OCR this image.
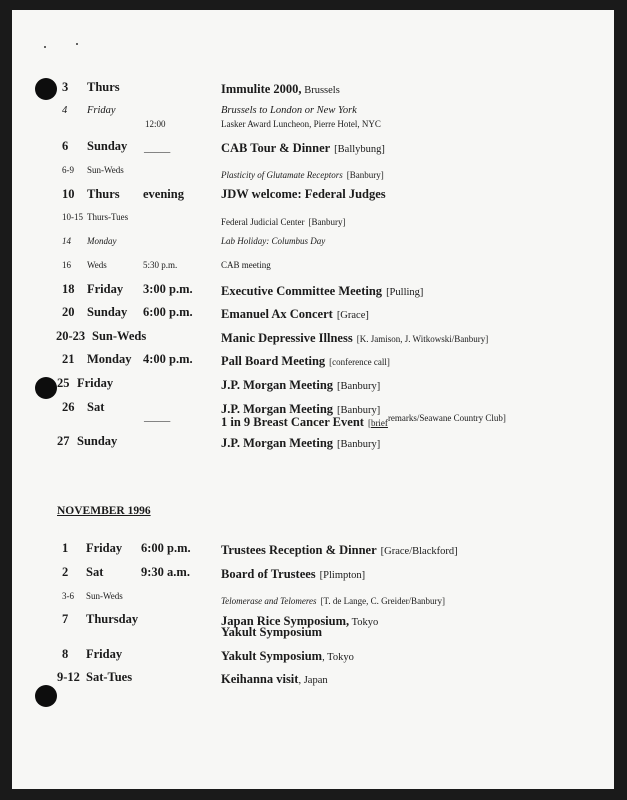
3 Thurs	Immulite 2000, Brussels
4 Friday	Brussels to London or New York
12:00	Lasker Award Luncheon, Pierre Hotel, NYC
6 Sunday _____	CAB Tour & Dinner [Ballybung]
6-9 Sun-Weds	Plasticity of Glutamate Receptors [Banbury]
10 Thurs evening	JDW welcome: Federal Judges
10-15 Thurs-Tues	Federal Judicial Center [Banbury]
14 Monday	Lab Holiday: Columbus Day
16 Weds	5:30 p.m.	CAB meeting
18 Friday 3:00 p.m. Executive Committee Meeting [Pulling]
20 Sunday 6:00 p.m. Emanuel Ax Concert [Grace]
20-23 Sun-Weds	Manic Depressive Illness [K. Jamison, J. Witkowski/Banbury]
21 Monday 4:00 p.m. Pall Board Meeting [conference call]
25 Friday	J.P. Morgan Meeting [Banbury]
26 Sat	J.P. Morgan Meeting [Banbury]
_____	1 in 9 Breast Cancer Event [brief remarks/Seawane Country Club]
27 Sunday	J.P. Morgan Meeting [Banbury]
NOVEMBER 1996
1 Friday 6:00 p.m. Trustees Reception & Dinner [Grace/Blackford]
2 Sat	9:30 a.m. Board of Trustees [Plimpton]
3-6 Sun-Weds	Telomerase and Telomeres [T. de Lange, C. Greider/Banbury]
7 Thursday	Japan Rice Symposium, Tokyo
Yakult Symposium
8 Friday	Yakult Symposium, Tokyo
9-12 Sat-Tues	Keihanna visit, Japan
